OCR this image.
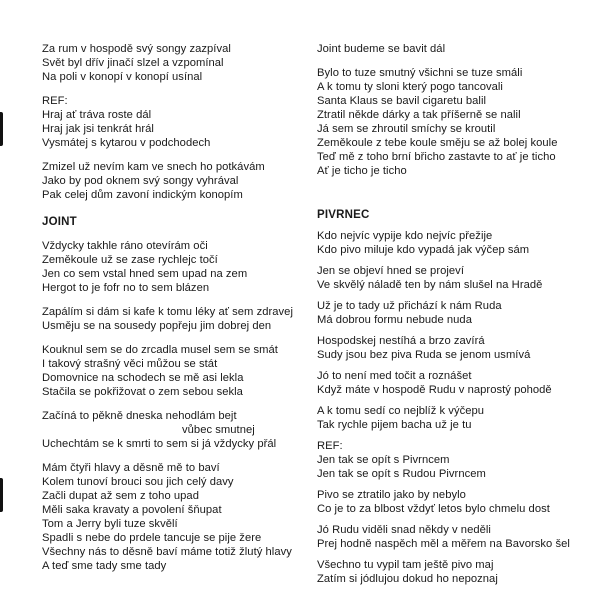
Za rum v hospodě svý songy zazpíval
Svět byl dřív jinačí slzel a vzpomínal
Na poli v konopí v konopí usínal
REF:
Hraj ať tráva roste dál
Hraj jak jsi tenkrát hrál
Vysmátej s kytarou v podchodech
Zmizel už nevím kam ve snech ho potkávám
Jako by pod oknem svý songy vyhrával
Pak celej dům zavoní indickým konopím
JOINT
Vždycky takhle ráno otevírám oči
Zeměkoule už se zase rychlejc točí
Jen co sem vstal hned sem upad na zem
Hergot to je fofr no to sem blázen
Zapálím si dám si kafe k tomu léky ať sem zdravej
Usměju se na sousedy popřeju jim dobrej den
Kouknul sem se do zrcadla musel sem se smát
I takový strašný věci můžou se stát
Domovnice na schodech se mě asi lekla
Stačila se pokřižovat o zem sebou sekla
Začíná to pěkně dneska nehodlám bejt
vůbec smutnej
Uchechtám se k smrti to sem si já vždycky přál
Mám čtyři hlavy a děsně mě to baví
Kolem tunoví brouci sou jich celý davy
Začli dupat až sem z toho upad
Měli saka kravaty a povolení šňupat
Tom a Jerry byli tuze skvělí
Spadli s nebe do prdele tancuje se pije žere
Všechny nás to děsně baví máme totiž žlutý hlavy
A teď sme tady sme tady
Joint budeme se bavit dál
Bylo to tuze smutný všichni se tuze smáli
A k tomu ty sloni který pogo tancovali
Santa Klaus se bavil cigaretu balil
Ztratil někde dárky a tak příšerně se nalil
Já sem se zhroutil smíchy se kroutil
Zeměkoule z tebe koule směju se až bolej koule
Teď mě z toho brní břicho zastavte to ať je ticho
Ať je ticho je ticho
PIVRNEC
Kdo nejvíc vypije kdo nejvíc přežije
Kdo pivo miluje kdo vypadá jak výčep sám
Jen se objeví hned se projeví
Ve skvělý náladě ten by nám slušel na Hradě
Už je to tady už přichází k nám Ruda
Má dobrou formu nebude nuda
Hospodskej nestíhá a brzo zavírá
Sudy jsou bez piva Ruda se jenom usmívá
Jó to není med točit a roznášet
Když máte v hospodě Rudu v naprostý pohodě
A k tomu sedí co nejblíž k výčepu
Tak rychle pijem bacha už je tu
REF:
Jen tak se opít s Pivrncem
Jen tak se opít s Rudou Pivrncem
Pivo se ztratilo jako by nebylo
Co je to za blbost vždyť letos bylo chmelu dost
Jó Rudu viděli snad někdy v neděli
Prej hodně naspěch měl a měřem na Bavorsko šel
Všechno tu vypil tam ještě pivo maj
Zatím si jódlujou dokud ho nepoznaj
